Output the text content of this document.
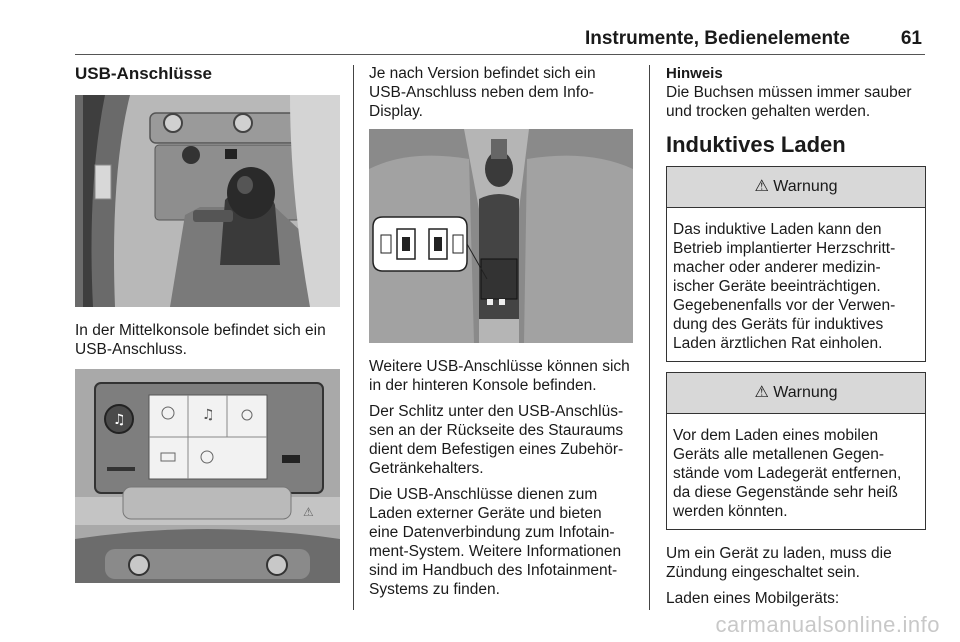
Instrumente, Bedienelemente	61
USB-Anschlüsse

In der Mittelkonsole befindet sich ein USB-Anschluss.

♫	♫
⚠

Je nach Version befindet sich ein USB-Anschluss neben dem Info-Display.

Weitere USB-Anschlüsse können sich in der hinteren Konsole befinden.

Der Schlitz unter den USB-Anschlüs-sen an der Rückseite des Stauraums dient dem Befestigen eines Zubehör-Getränkehalters.

Die USB-Anschlüsse dienen zum Laden externer Geräte und bieten eine Datenverbindung zum Infotain-ment-System. Weitere Informationen sind im Handbuch des Infotainment-Systems zu finden.

Hinweis

Die Buchsen müssen immer sauber und trocken gehalten werden.

Induktives Laden
⚠ Warnung

Das induktive Laden kann den Betrieb implantierter Herzschritt-macher oder anderer medizin-ischer Geräte beeinträchtigen. Gegebenenfalls vor der Verwen-dung des Geräts für induktives Laden ärztlichen Rat einholen.

⚠ Warnung

Vor dem Laden eines mobilen Geräts alle metallenen Gegen-stände vom Ladegerät entfernen, da diese Gegenstände sehr heiß werden könnten.

Um ein Gerät zu laden, muss die Zündung eingeschaltet sein.

Laden eines Mobilgeräts:

carmanualsonline.info
